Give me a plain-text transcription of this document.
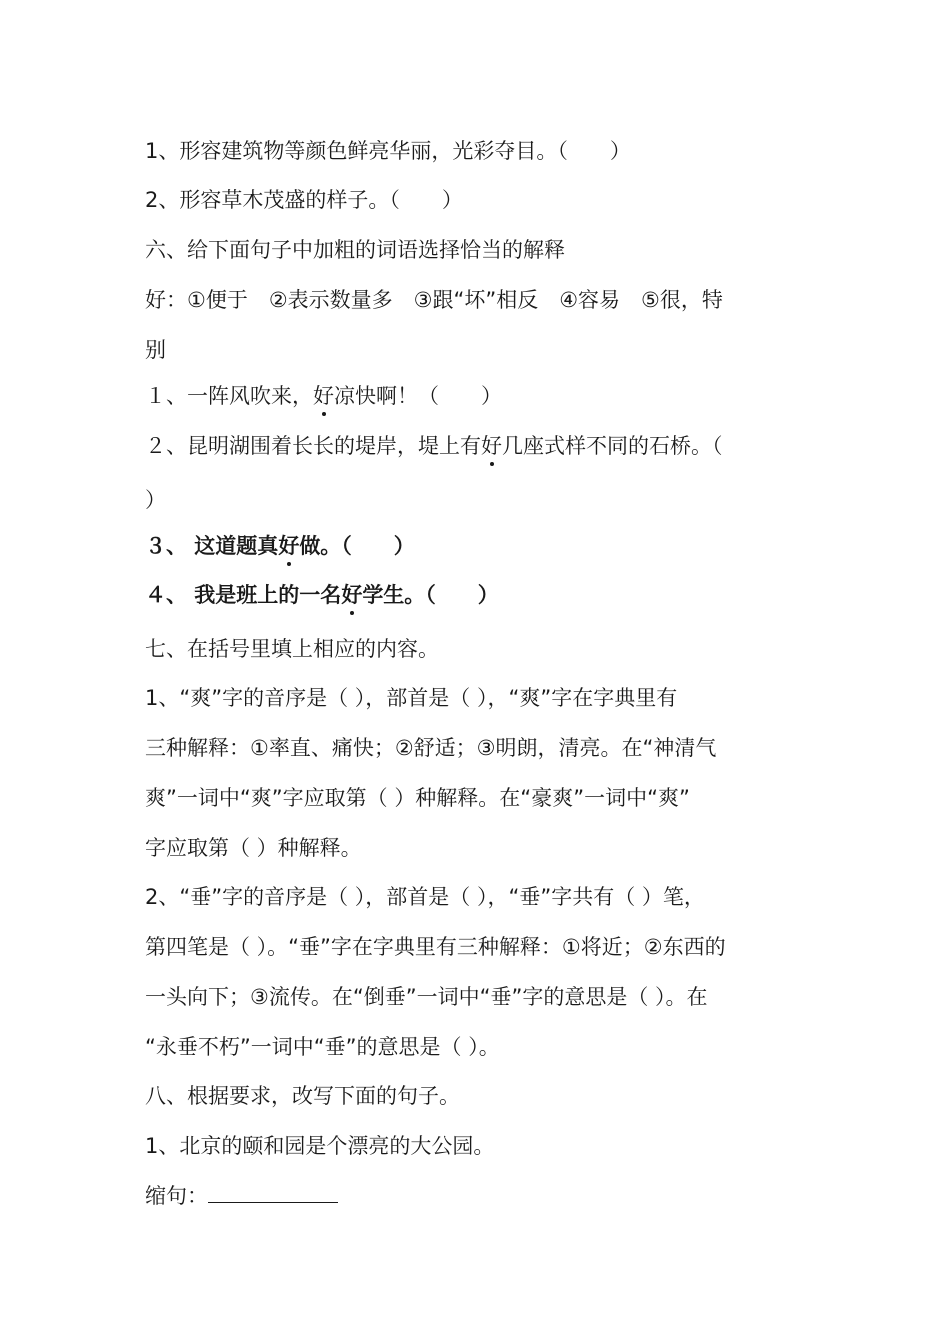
1、形容建筑物等颜色鲜亮华丽，光彩夺目。（　　）
2、形容草木茂盛的样子。（　　）
六、给下面句子中加粗的词语选择恰当的解释
好：①便于　②表示数量多　③跟“坏”相反　④容易　⑤很，特
别
１、一阵风吹来，好凉快啊！（　　）
２、昆明湖围着长长的堤岸，堤上有好几座式样不同的石桥。（
）
３、 这道题真好做。（　　）
４、 我是班上的一名好学生。（　　）
七、在括号里填上相应的内容。
1、“爽”字的音序是（ ），部首是（ ），“爽”字在字典里有
三种解释：①率直、痛快；②舒适；③明朗，清亮。在“神清气
爽”一词中“爽”字应取第（ ）种解释。在“豪爽”一词中“爽”
字应取第（ ）种解释。
2、“垂”字的音序是（ ），部首是（ ），“垂”字共有（ ）笔，
第四笔是（ ）。“垂”字在字典里有三种解释：①将近；②东西的
一头向下；③流传。在“倒垂”一词中“垂”字的意思是（ ）。在
“永垂不朽”一词中“垂”的意思是（ ）。
八、根据要求，改写下面的句子。
1、北京的颐和园是个漂亮的大公园。
缩句：
